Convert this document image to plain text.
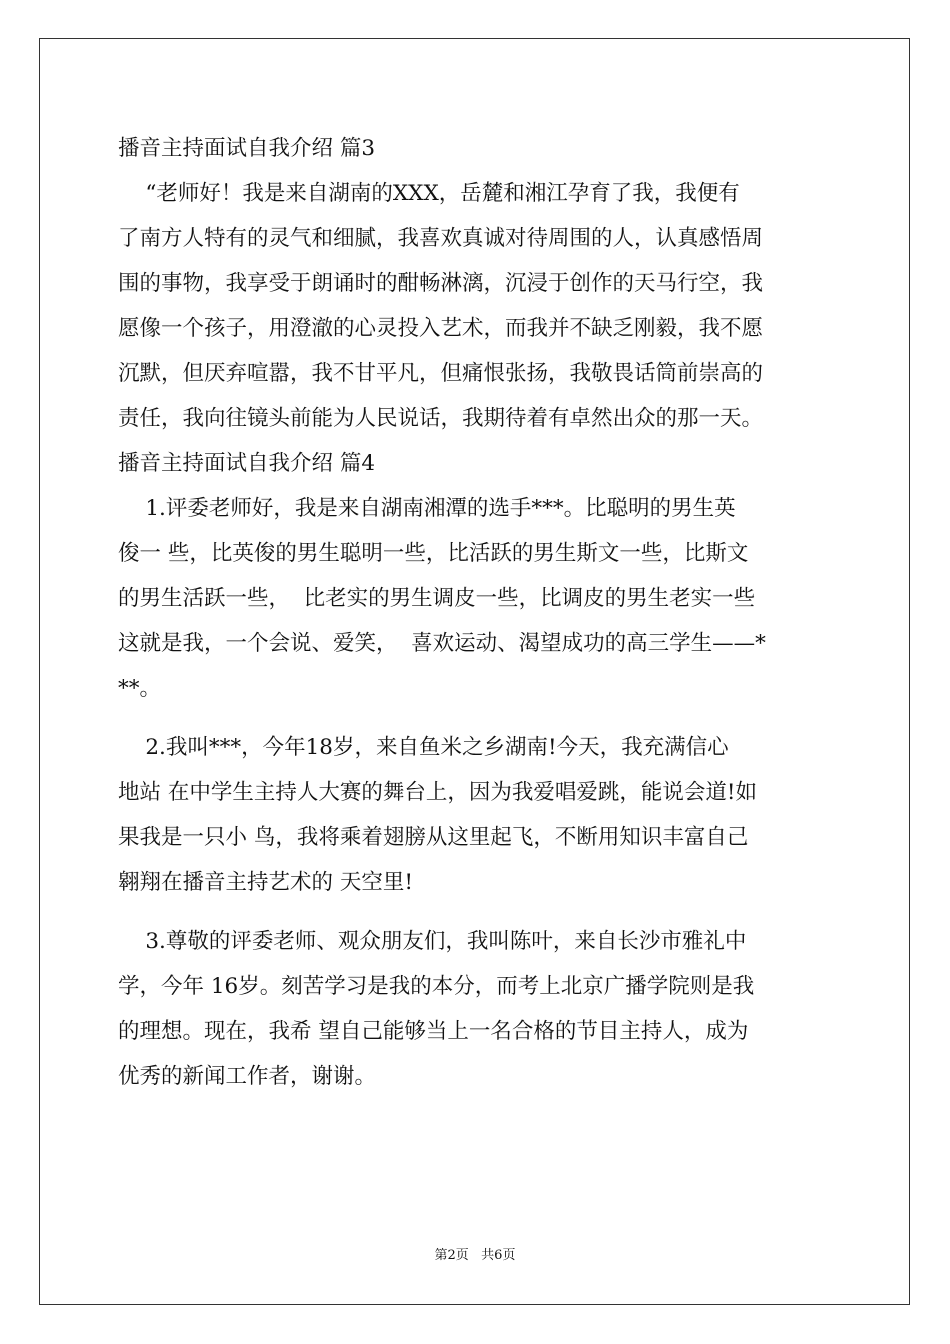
播音主持面试自我介绍 篇3

“老师好！我是来自湖南的XXX，岳麓和湘江孕育了我，我便有

了南方人特有的灵气和细腻，我喜欢真诚对待周围的人，认真感悟周

围的事物，我享受于朗诵时的酣畅淋漓，沉浸于创作的天马行空，我

愿像一个孩子，用澄澈的心灵投入艺术，而我并不缺乏刚毅，我不愿

沉默，但厌弃喧嚣，我不甘平凡，但痛恨张扬，我敬畏话筒前崇高的

责任，我向往镜头前能为人民说话，我期待着有卓然出众的那一天。

播音主持面试自我介绍 篇4

1.评委老师好，我是来自湖南湘潭的选手***。比聪明的男生英

俊一 些，比英俊的男生聪明一些，比活跃的男生斯文一些，比斯文

的男生活跃一些，  比老实的男生调皮一些，比调皮的男生老实一些

这就是我，一个会说、爱笑，  喜欢运动、渴望成功的高三学生——*

**。

2.我叫***，今年18岁，来自鱼米之乡湖南!今天，我充满信心

地站 在中学生主持人大赛的舞台上，因为我爱唱爱跳，能说会道!如

果我是一只小 鸟，我将乘着翅膀从这里起飞，不断用知识丰富自己

翱翔在播音主持艺术的 天空里!

3.尊敬的评委老师、观众朋友们，我叫陈叶，来自长沙市雅礼中

学，今年 16岁。刻苦学习是我的本分，而考上北京广播学院则是我

的理想。现在，我希 望自己能够当上一名合格的节目主持人，成为

优秀的新闻工作者，谢谢。

第2页   共6页
